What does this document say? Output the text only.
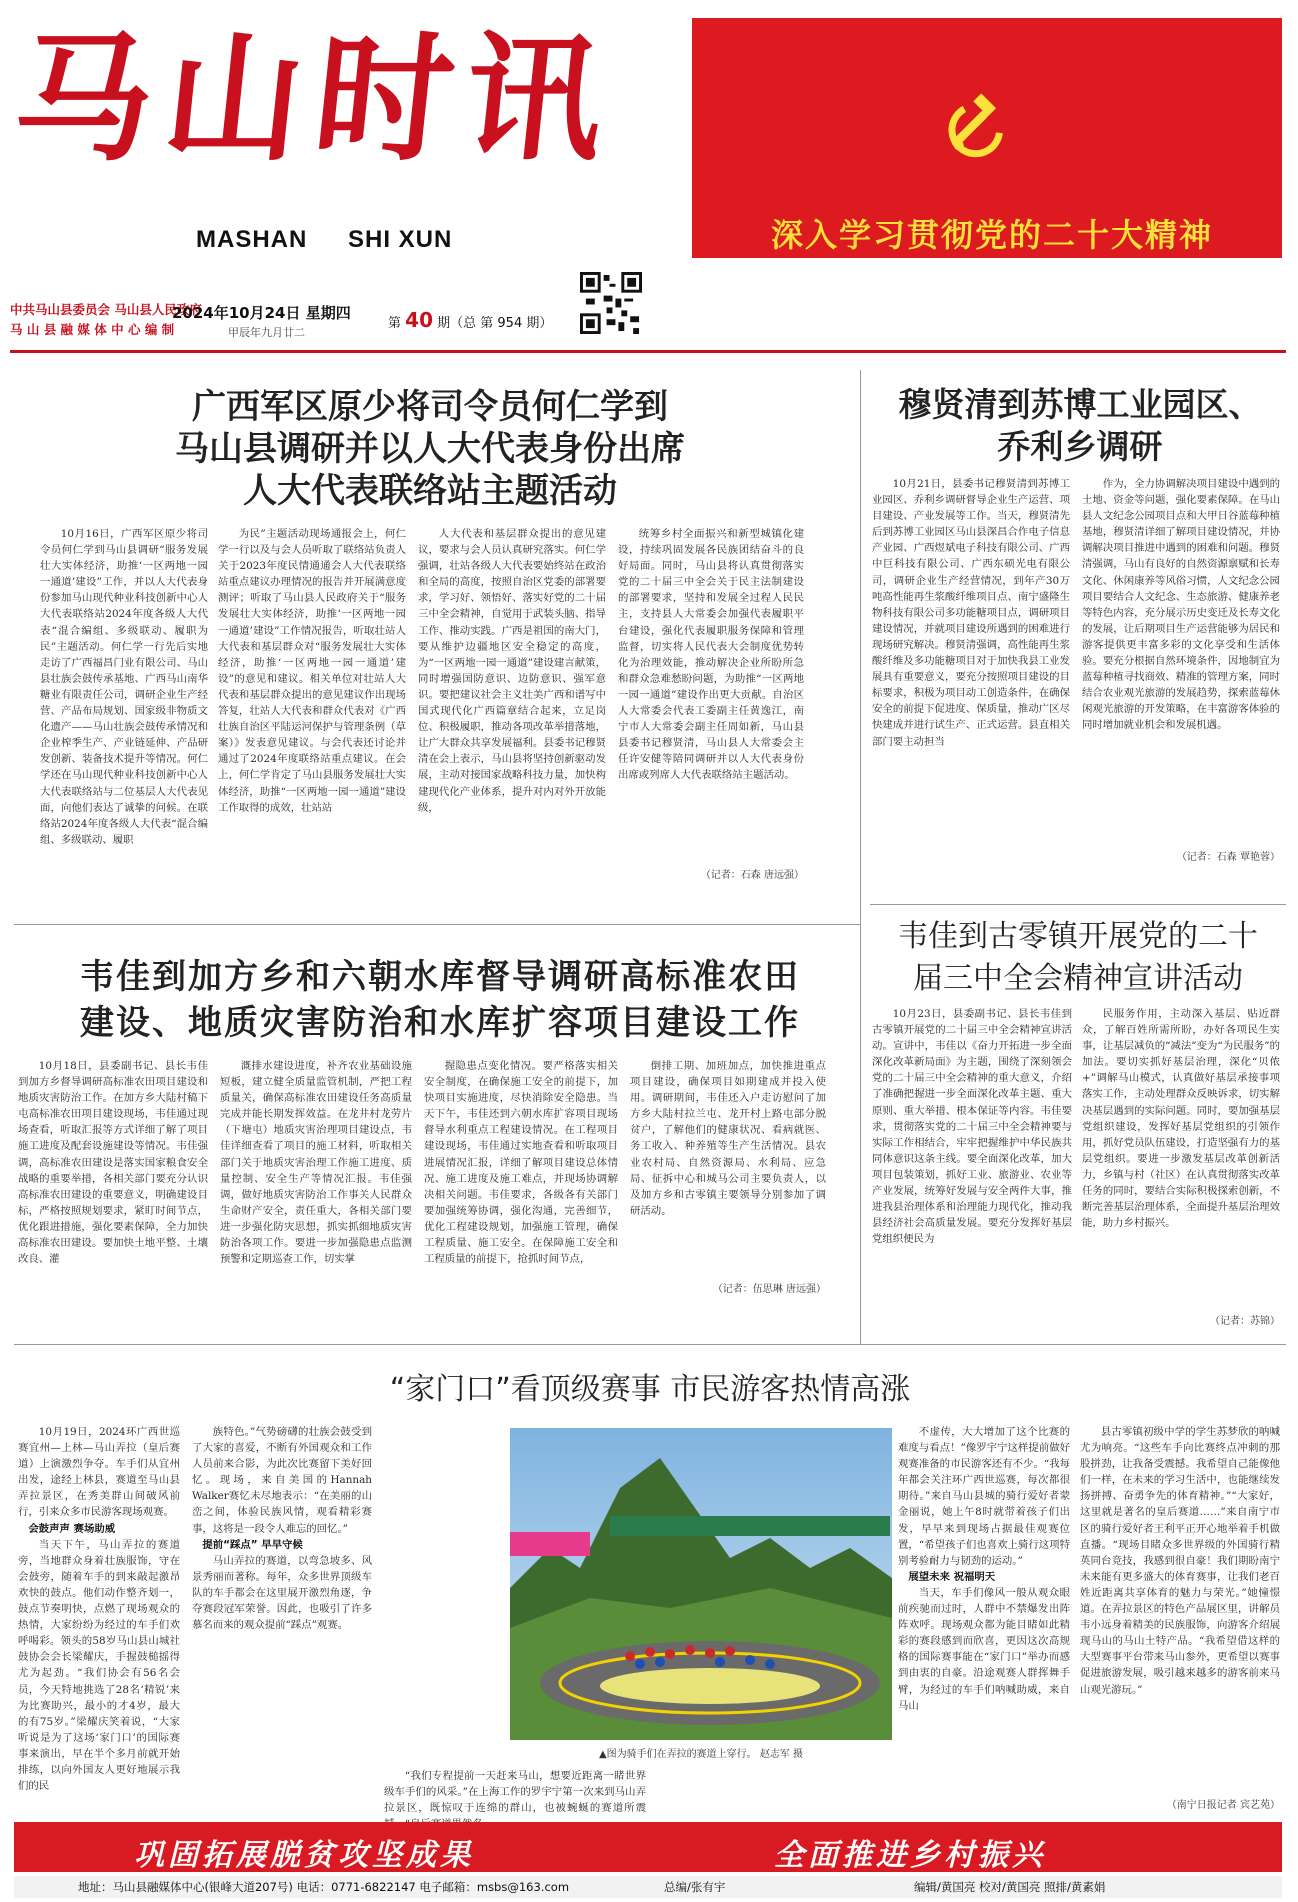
马山时讯
MASHAN SHI XUN	深入学习贯彻党的二十大精神
中共马山县委员会 马山县人民政府
马 山 县 融 媒 体 中 心 编 制
2024年10月24日 星期四
甲辰年九月廿二
第 40 期（总 第 954 期）
广西军区原少将司令员何仁学到
马山县调研并以人大代表身份出席
人大代表联络站主题活动

10月16日，广西军区原少将司令员何仁学到马山县调研“服务发展壮大实体经济，助推‘一区两地一园一通道’建设”工作，并以人大代表身份参加马山现代种业科技创新中心人大代表联络站2024年度各级人大代表“混合编组、多级联动、履职为民”主题活动。何仁学一行先后实地走访了广西福昌门业有限公司、马山县壮族会鼓传承基地、广西马山南华糖业有限责任公司，调研企业生产经营、产品布局规划、国家级非物质文化遗产——马山壮族会鼓传承情况和企业榨季生产、产业链延伸、产品研发创新、装备技术提升等情况。何仁学还在马山现代种业科技创新中心人大代表联络站与二位基层人大代表见面，向他们表达了诚挚的问候。在联络站2024年度各级人大代表“混合编组、多级联动、履职

为民”主题活动现场通报会上，何仁学一行以及与会人员听取了联络站负责人关于2023年度民情通通会人大代表联络站重点建议办理情况的报告并开展满意度测评；听取了马山县人民政府关于“服务发展壮大实体经济，助推‘一区两地一园一通道’建设”工作情况报告，听取壮站人大代表和基层群众对“服务发展壮大实体经济，助推‘一区两地一园一通道’建设”的意见和建议。相关单位对壮站人大代表和基层群众提出的意见建议作出现场答复，壮站人大代表和群众代表对《广西壮族自治区平陆运河保护与管理条例（草案）》发表意见建议。与会代表还讨论并通过了2024年度联络站重点建议。在会上，何仁学肯定了马山县服务发展壮大实体经济，助推“一区两地一园一通道”建设工作取得的成效，壮站站

人大代表和基层群众提出的意见建议，要求与会人员认真研究落实。何仁学强调，壮站各级人大代表要始终站在政治和全局的高度，按照自治区党委的部署要求，学习好、领悟好、落实好党的二十届三中全会精神，自觉用于武装头脑、指导工作、推动实践。广西是祖国的南大门，要从维护边疆地区安全稳定的高度，为“一区两地一园一通道”建设建言献策，同时增强国防意识、边防意识、强军意识。要把建议社会主义壮美广西和谱写中国式现代化广西篇章结合起来，立足岗位、积极履职，推动各项改革举措落地，让广大群众共享发展福利。县委书记穆贤清在会上表示，马山县将坚持创新驱动发展，主动对接国家战略科技力量，加快构建现代化产业体系，提升对内对外开放能级，

统筹乡村全面振兴和新型城镇化建设，持续巩固发展各民族团结奋斗的良好局面。同时，马山县将认真贯彻落实党的二十届三中全会关于民主法制建设的部署要求，坚持和发展全过程人民民主，支持县人大常委会加强代表履职平台建设，强化代表履职服务保障和管理监督，切实将人民代表大会制度优势转化为治理效能，推动解决企业所盼所急和群众急难愁盼问题，为助推“一区两地一园一通道”建设作出更大贡献。自治区人大常委会代表工委副主任黄逸江，南宁市人大常委会副主任周如新，马山县县委书记穆贤清，马山县人大常委会主任许安健等陪同调研并以人大代表身份出席或列席人大代表联络站主题活动。

（记者：石森 唐远强）
穆贤清到苏博工业园区、
乔利乡调研

10月21日，县委书记穆贤清到苏博工业园区、乔利乡调研督导企业生产运营、项目建设、产业发展等工作。当天，穆贤清先后到苏博工业园区马山县深昌合作电子信息产业园、广西煜斌电子科技有限公司、广西中巨科技有限公司、广西东硕光电有限公司，调研企业生产经营情况，到年产30万吨高性能再生浆酸纤维项目点、南宁盛隆生物科技有限公司多功能糖项目点，调研项目建设情况，并就项目建设所遇到的困难进行现场研究解决。穆贤清强调，高性能再生浆酸纤维及多功能糖项目对于加快我县工业发展具有重要意义，要充分按照项目建设的目标要求，积极为项目动工创造条件，在确保安全的前提下促进度、保质量，推动广区尽快建成并进行试生产、正式运营。县直相关部门要主动担当

作为，全力协调解决项目建设中遇到的土地、资金等问题，强化要素保障。在马山县人文纪念公园项目点和大甲日谷蓝莓种植基地，穆贤清详细了解项目建设情况，并协调解决项目推进中遇到的困难和问题。穆贤清强调，马山有良好的自然资源禀赋和长寿文化、休闲康养等风俗习惯，人文纪念公园项目要结合人文纪念、生态旅游、健康养老等特色内容，充分展示历史变迁及长寿文化的发展，让后期项目生产运营能够为居民和游客提供更丰富多彩的文化享受和生活体验。要充分根据自然环境条件，因地制宜为蓝莓种植寻找商效、精准的管理方案，同时结合农业观光旅游的发展趋势，探索蓝莓休闲观光旅游的开发策略，在丰富游客体验的同时增加就业机会和发展机遇。

（记者：石森 覃艳蓉）
韦佳到加方乡和六朝水库督导调研高标准农田
建设、地质灾害防治和水库扩容项目建设工作

10月18日，县委副书记、县长韦佳到加方乡督导调研高标准农田项目建设和地质灾害防治工作。在加方乡大陆村稿下屯高标准农田项目建设现场，韦佳通过现场查看，听取汇报等方式详细了解了项目施工进度及配套设施建设等情况。韦佳强调，高标准农田建设是落实国家粮食安全战略的重要举措，各相关部门要充分认识高标准农田建设的重要意义，明确建设目标，严格按照规划要求，紧盯时间节点，优化跟进措施，强化要素保障，全力加快高标准农田建设。要加快土地平整、土壤改良、灌

溉排水建设进度，补齐农业基础设施短板，建立健全质量监管机制，严把工程质量关，确保高标准农田建设任务高质量完成并能长期发挥效益。在龙井村龙劳片（下塘屯）地质灾害治理项目建设点，韦佳详细查看了项目的施工材料，听取相关部门关于地质灾害治理工作施工进度、质量控制、安全生产等情况汇报。韦佳强调，做好地质灾害防治工作事关人民群众生命财产安全，责任重大，各相关部门要进一步强化防灾思想，抓实抓细地质灾害防治各项工作。要进一步加强隐患点监测预警和定期巡查工作，切实掌

握隐患点变化情况。要严格落实相关安全制度，在确保施工安全的前提下，加快项目实施进度，尽快消除安全隐患。当天下午，韦佳还到六朝水库扩容项目现场督导水利重点工程建设情况。在工程项目建设现场，韦佳通过实地查看和听取项目进展情况汇报，详细了解项目建设总体情况、施工进度及施工难点，并现场协调解决相关问题。韦佳要求，各级各有关部门要加强统筹协调，强化沟通，完善细节，优化工程建设规划，加强施工管理，确保工程质量、施工安全。在保障施工安全和工程质量的前提下，抢抓时间节点，

倒排工期、加班加点，加快推进重点项目建设，确保项目如期建成并投入使用。调研期间，韦佳还入户走访慰问了加方乡大陆村拉兰屯、龙开村上路屯部分脱贫户，了解他们的健康状况、看病就医、务工收入、种养殖等生产生活情况。县农业农村局、自然资源局、水利局、应急局、征拆中心和城马公司主要负责人，以及加方乡和古零镇主要领导分别参加了调研活动。

（记者：伍思琳 唐远强）
韦佳到古零镇开展党的二十
届三中全会精神宣讲活动

10月23日，县委副书记、县长韦佳到古零镇开展党的二十届三中全会精神宣讲活动。宣讲中，韦佳以《奋力开拓进一步全面深化改革新局面》为主题，围绕了深刻领会党的二十届三中全会精神的重大意义，介绍了准确把握进一步全面深化改革主题、重大原则、重大举措、根本保证等内容。韦佳要求，贯彻落实党的二十届三中全会精神要与实际工作相结合，牢牢把握维护中华民族共同体意识这条主线。要全面深化改革，加大项目包装策划，抓好工业、旅游业、农业等产业发展，统筹好发展与安全两件大事，推进我县治理体系和治理能力现代化，推动我县经济社会高质量发展。要充分发挥好基层党组织便民为

民服务作用，主动深入基层、贴近群众，了解百姓所需所盼，办好各项民生实事，让基层减负的“减法”变为“为民服务”的加法。要切实抓好基层治理，深化“贝侬+”调解马山模式，认真做好基层承接事项落实工作，主动处理群众反映诉求，切实解决基层遇到的实际问题。同时，要加强基层党组织建设，发挥好基层党组织的引领作用，抓好党员队伍建设，打造坚强有力的基层党组织。要进一步激发基层改革创新活力，乡镇与村（社区）在认真贯彻落实改革任务的同时，要结合实际积极探索创新，不断完善基层治理体系，全面提升基层治理效能，助力乡村振兴。

（记者：苏锦）
“家门口”看顶级赛事 市民游客热情高涨

10月19日，2024环广西世巡赛宜州—上林—马山弄拉（皇后赛道）上演激烈争夺。车手们从宜州出发，途经上林县，赛道至马山县弄拉景区，在秀美群山间破风前行，引来众多市民游客现场观赛。

会鼓声声 赛场助威

当天下午，马山弄拉的赛道旁，当地群众身着壮族服饰，守在会鼓旁，随着车手的到来敲起激昂欢快的鼓点。他们动作整齐划一，鼓点节奏明快，点燃了现场观众的热情，大家纷纷为经过的车手们欢呼喝彩。领头的58岁马山县山城社鼓协会会长梁耀庆，手握鼓槌摇得尤为起劲。“我们协会有56名会员，今天特地挑选了28名‘精锐’来为比赛助兴，最小的才4岁，最大的有75岁。”梁耀庆笑着说，“大家听说是为了这场‘家门口’的国际赛事来演出，早在半个多月前就开始排练，以向外国友人更好地展示我们的民

族特色。”气势磅礴的壮族会鼓受到了大家的喜爱，不断有外国观众和工作人员前来合影，为此次比赛留下美好回忆。现场，来自美国的Hannah Walker赛忆未尽地表示：“在美丽的山峦之间，体验民族风情，观看精彩赛事，这将是一段令人难忘的回忆。”

提前“踩点” 早早守候

马山弄拉的赛道，以弯急坡多、风景秀丽而著称。每年，众多世界顶级车队的车手都会在这里展开激烈角逐，争夺赛段冠军荣誉。因此，也吸引了许多慕名而来的观众提前“踩点”观赛。

▲图为骑手们在弄拉的赛道上穿行。 赵志军 摄

“我们专程提前一天赶来马山，想要近距离一睹世界级车手们的风采。”在上海工作的罗宇宁第一次来到马山弄拉景区，既惊叹于连绵的群山，也被蜿蜒的赛道所震

不虚传，大大增加了这个比赛的难度与看点！”像罗宇宁这样提前做好观赛准备的市民游客还有不少。“我每年都会关注环广西世巡赛，每次都很期待。”来自马山县城的骑行爱好者蒙金丽说，她上午8时就带着孩子们出发，早早来到现场占据最佳观赛位置，“希望孩子们也喜欢上骑行这项特别考验耐力与韧劲的运动。”

展望未来 祝福明天

当天，车手们像风一般从观众眼前疾驰而过时，人群中不禁爆发出阵阵欢呼。现场观众都为能目睹如此精彩的赛段感到而欣喜，更因这次高规格的国际赛事能在“家门口”举办而感到由衷的自豪。沿途观赛人群挥舞手臂，为经过的车手们呐喊助威，来自马山

县古零镇初级中学的学生苏梦欣的呐喊尤为响亮。“这些车手向比赛终点冲刺的那股拼劲，让我备受震撼。我希望自己能像他们一样，在未来的学习生活中，也能继续发扬拼搏、奋勇争先的体育精神。”“大家好，这里就是著名的皇后赛道……”来自南宁市区的骑行爱好者王利平正开心地举着手机做直播。“现场目睹众多世界级的外国骑行精英同台竞技，我感到很自豪！我们期盼南宁未来能有更多盛大的体育赛事，让我们老百姓近距离共享体育的魅力与荣光。”她憧憬道。在弄拉景区的特色产品展区里，讲解员韦小远身着精美的民族服饰，向游客介绍展现马山的马山土特产品。“我希望借这样的大型赛事平台带来马山参外，更希望以赛事促进旅游发展，吸引越来越多的游客前来马山观光游玩。”

（南宁日报记者 宾艺苑）
巩固拓展脱贫攻坚成果	全面推进乡村振兴
地址：马山县融媒体中心(银峰大道207号) 电话：0771-6822147 电子邮箱：msbs@163.com	总编/张有宇	编辑/黄国亮 校对/黄国亮 照排/黄素娟
